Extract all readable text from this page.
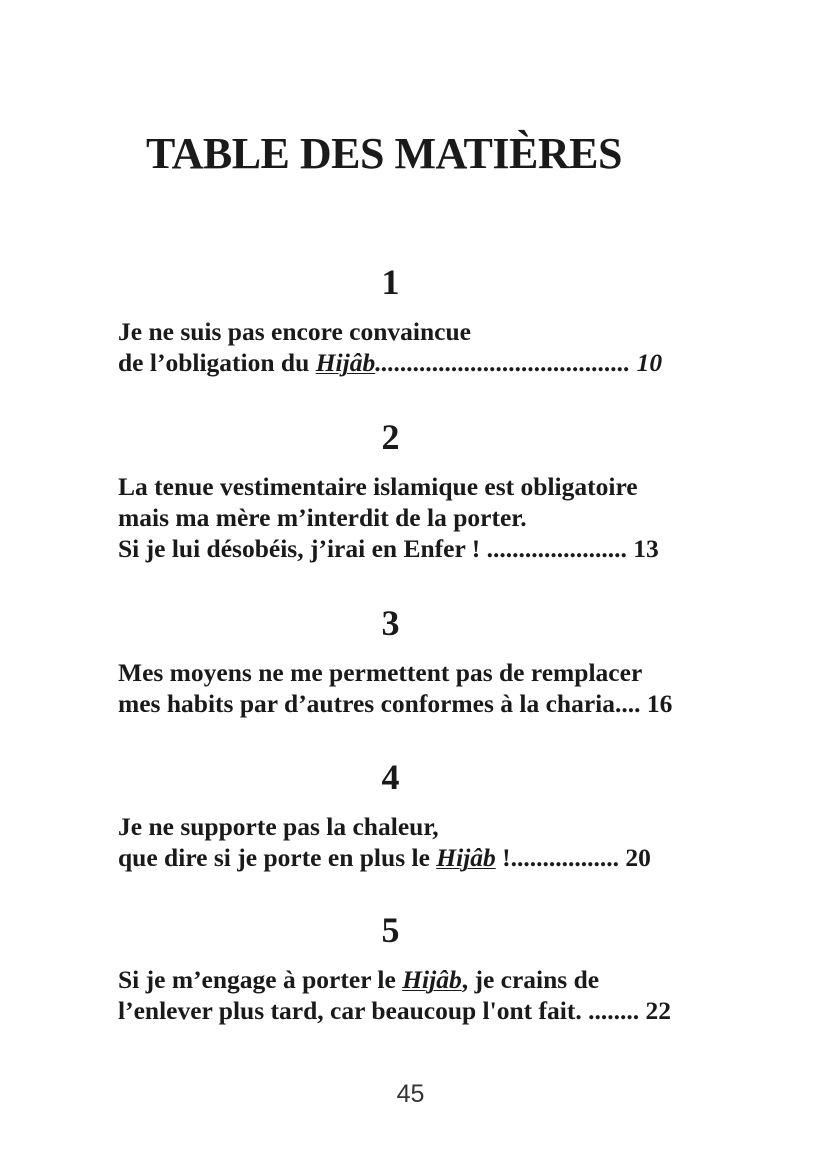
TABLE DES MATIÈRES
1
Je ne suis pas encore convaincue
de l’obligation du Hijâb........................................ 10
2
La tenue vestimentaire islamique est obligatoire
mais ma mère m’interdit de la porter.
Si je lui désobéis, j’irai en Enfer ! ...................... 13
3
Mes moyens ne me permettent pas de remplacer
mes habits par d’autres conformes à la charia.... 16
4
Je ne supporte pas la chaleur,
que dire si je porte en plus le Hijâb !................. 20
5
Si je m’engage à porter le Hijâb, je crains de
l’enlever plus tard, car beaucoup l'ont fait. ........ 22
45
